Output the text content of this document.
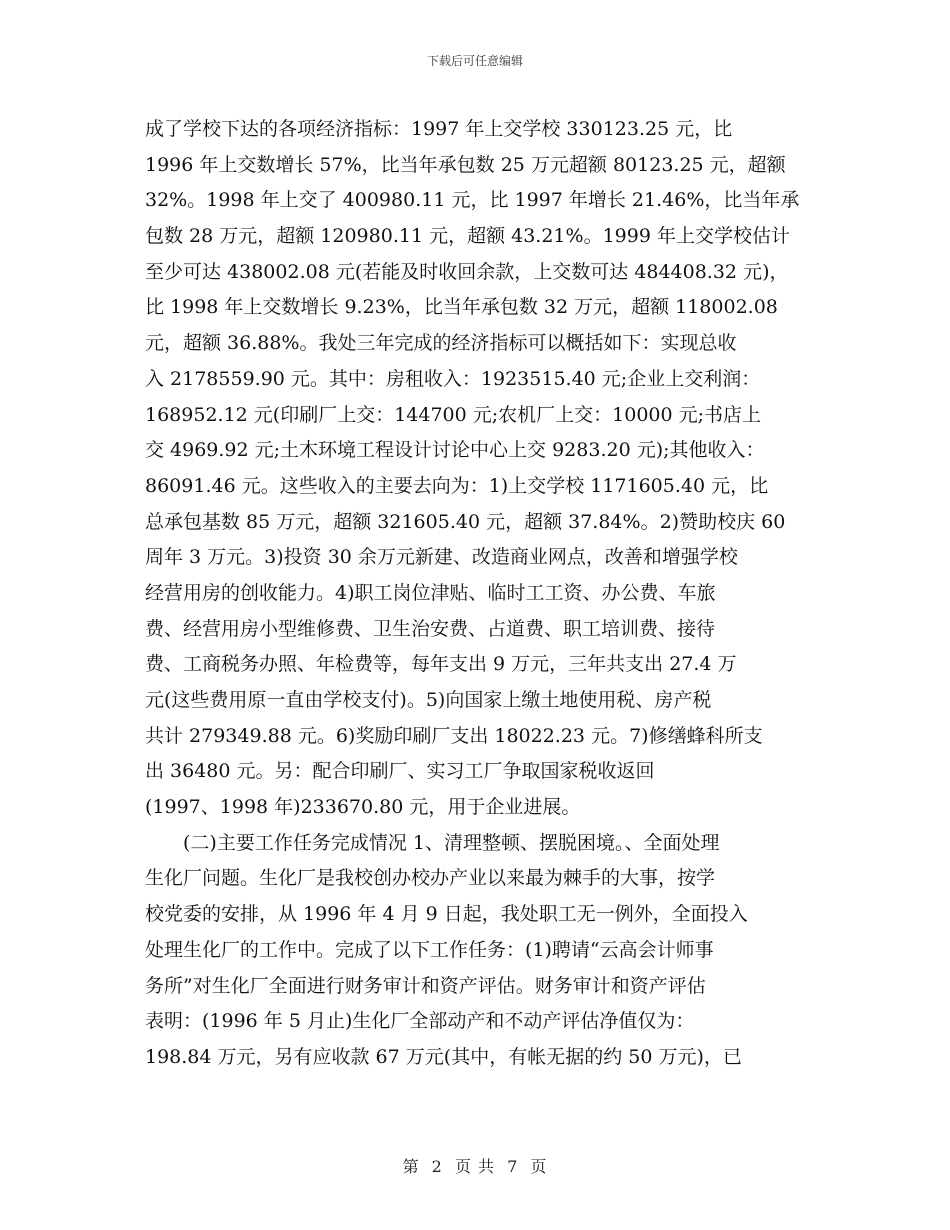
下载后可任意编辑
成了学校下达的各项经济指标：1997 年上交学校 330123.25 元，比
1996 年上交数增长 57%，比当年承包数 25 万元超额 80123.25 元，超额
32%。1998 年上交了 400980.11 元，比 1997 年增长 21.46%，比当年承
包数 28 万元，超额 120980.11 元，超额 43.21%。1999 年上交学校估计
至少可达 438002.08 元(若能及时收回余款，上交数可达 484408.32 元)，
比 1998 年上交数增长 9.23%，比当年承包数 32 万元，超额 118002.08
元，超额 36.88%。我处三年完成的经济指标可以概括如下：实现总收
入 2178559.90 元。其中：房租收入：1923515.40 元;企业上交利润：
168952.12 元(印刷厂上交：144700 元;农机厂上交：10000 元;书店上
交 4969.92 元;土木环境工程设计讨论中心上交 9283.20 元);其他收入：
86091.46 元。这些收入的主要去向为：1)上交学校 1171605.40 元，比
总承包基数 85 万元，超额 321605.40 元，超额 37.84%。2)赞助校庆 60
周年 3 万元。3)投资 30 余万元新建、改造商业网点，改善和增强学校
经营用房的创收能力。4)职工岗位津贴、临时工工资、办公费、车旅
费、经营用房小型维修费、卫生治安费、占道费、职工培训费、接待
费、工商税务办照、年检费等，每年支出 9 万元，三年共支出 27.4 万
元(这些费用原一直由学校支付)。5)向国家上缴土地使用税、房产税
共计 279349.88 元。6)奖励印刷厂支出 18022.23 元。7)修缮蜂科所支
出 36480 元。另：配合印刷厂、实习工厂争取国家税收返回
(1997、1998 年)233670.80 元，用于企业进展。
(二)主要工作任务完成情况 1、清理整顿、摆脱困境。、全面处理
生化厂问题。生化厂是我校创办校办产业以来最为棘手的大事，按学
校党委的安排，从 1996 年 4 月 9 日起，我处职工无一例外，全面投入
处理生化厂的工作中。完成了以下工作任务：(1)聘请“云高会计师事
务所”对生化厂全面进行财务审计和资产评估。财务审计和资产评估
表明：(1996 年 5 月止)生化厂全部动产和不动产评估净值仅为：
198.84 万元，另有应收款 67 万元(其中，有帐无据的约 50 万元)，已
第 2 页 共 7 页
